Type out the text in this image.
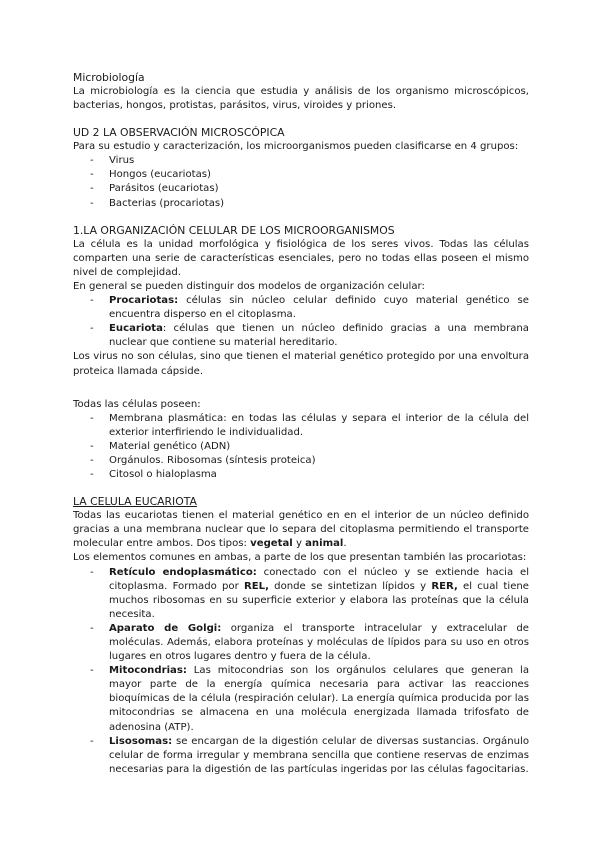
Microbiología

La microbiología es la ciencia que estudia y análisis de los organismo microscópicos, bacterias, hongos, protistas, parásitos, virus, viroides y priones.

UD 2 LA OBSERVACIÓN MICROSCÓPICA

Para su estudio y caracterización, los microorganismos pueden clasificarse en 4 grupos:

- Virus
- Hongos (eucariotas)
- Parásitos (eucariotas)
- Bacterias (procariotas)

1.LA ORGANIZACIÓN CELULAR DE LOS MICROORGANISMOS

La célula es la unidad morfológica y fisiológica de los seres vivos. Todas las células comparten una serie de características esenciales, pero no todas ellas poseen el mismo nivel de complejidad.

En general se pueden distinguir dos modelos de organización celular:

- Procariotas: células sin núcleo celular definido cuyo material genético se encuentra disperso en el citoplasma.
- Eucariota: células que tienen un núcleo definido gracias a una membrana nuclear que contiene su material hereditario.

Los virus no son células, sino que tienen el material genético protegido por una envoltura proteica llamada cápside.

Todas las células poseen:

- Membrana plasmática: en todas las células y separa el interior de la célula del exterior interfiriendo le individualidad.
- Material genético (ADN)
- Orgánulos. Ribosomas (síntesis proteica)
- Citosol o hialoplasma

LA CELULA EUCARIOTA

Todas las eucariotas tienen el material genético en en el interior de un núcleo definido gracias a una membrana nuclear que lo separa del citoplasma permitiendo el transporte molecular entre ambos. Dos tipos: vegetal y animal.

Los elementos comunes en ambas, a parte de los que presentan también las procariotas:

- Retículo endoplasmático: conectado con el núcleo y se extiende hacia el citoplasma. Formado por REL, donde se sintetizan lípidos y RER, el cual tiene muchos ribosomas en su superficie exterior y elabora las proteínas que la célula necesita.
- Aparato de Golgi: organiza el transporte intracelular y extracelular de moléculas. Además, elabora proteínas y moléculas de lípidos para su uso en otros lugares en otros lugares dentro y fuera de la célula.
- Mitocondrias: Las mitocondrias son los orgánulos celulares que generan la mayor parte de la energía química necesaria para activar las reacciones bioquímicas de la célula (respiración celular). La energía química producida por las mitocondrias se almacena en una molécula energizada llamada trifosfato de adenosina (ATP).
- Lisosomas: se encargan de la digestión celular de diversas sustancias. Orgánulo celular de forma irregular y membrana sencilla que contiene reservas de enzimas necesarias para la digestión de las partículas ingeridas por las células fagocitarias.
